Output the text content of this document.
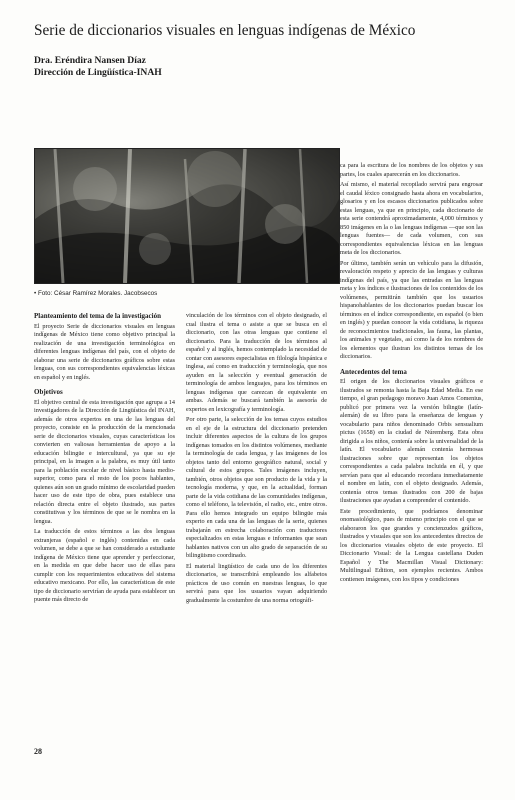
Serie de diccionarios visuales en lenguas indígenas de México
Dra. Eréndira Nansen Díaz
Dirección de Lingüística-INAH
• Foto: César Ramírez Morales. Jacobsecos
Planteamiento del tema de la investigación

El proyecto Serie de diccionarios visuales en lenguas indígenas de México tiene como objetivo principal la realización de una investigación terminológica en diferentes lenguas indígenas del país, con el objeto de elaborar una serie de diccionarios gráficos sobre estas lenguas, con sus correspondientes equivalencias léxicas en español y en inglés.

Objetivos

El objetivo central de esta investigación que agrupa a 14 investigadores de la Dirección de Lingüística del INAH, además de otros expertos en una de las lenguas del proyecto, consiste en la producción de la mencionada serie de diccionarios visuales, cuyas características los convierten en valiosas herramientas de apoyo a la educación bilingüe e intercultural, ya que su eje principal, en la imagen a la palabra, es muy útil tanto para la población escolar de nivel básico hasta medio-superior, como para el resto de los pocos hablantes, quienes aún son un grado mínimo de escolaridad pueden hacer uso de este tipo de obra, pues establece una relación directa entre el objeto ilustrado, sus partes constitutivas y los términos de que se le nombra en la lengua.

La traducción de estos términos a las dos lenguas extranjeras (español e inglés) contenidas en cada volumen, se debe a que se han considerado a estudiante indígena de México tiene que aprender y perfeccionar, en la medida en que debe hacer uso de ellas para cumplir con los requerimientos educativos del sistema educativo mexicano. Por ello, las características de este tipo de diccionario servirían de ayuda para establecer un puente más directo de

vinculación de los términos con el objeto designado, el cual ilustra el tema o asiste a que se busca en el diccionario, con las otras lenguas que contiene el diccionario. Para la traducción de los términos al español y al inglés, hemos contemplado la necesidad de contar con asesores especialistas en filología hispánica e inglesa, así como en traducción y terminología, que nos ayuden en la selección y eventual generación de terminología de ambos lenguajes, para los términos en lenguas indígenas que carezcan de equivalente en ambas. Además se buscará también la asesoría de expertos en lexicografía y terminología.

Por otro parte, la selección de los temas cuyos estudios en el eje de la estructura del diccionario pretenden incluir diferentes aspectos de la cultura de los grupos indígenas tomados en los distintos volúmenes, mediante la terminología de cada lengua, y las imágenes de los objetos tanto del entorno geográfico natural, social y cultural de estos grupos. Tales imágenes incluyen, también, otros objetos que son producto de la vida y la tecnología moderna, y que, en la actualidad, forman parte de la vida cotidiana de las comunidades indígenas, como el teléfono, la televisión, el radio, etc., entre otros. Para ello hemos integrado un equipo bilingüe más experto en cada una de las lenguas de la serie, quienes trabajarán en estrecha colaboración con traductores especializados en estas lenguas e informantes que sean hablantes nativos con un alto grado de separación de su bilingüismo coordinado.

El material lingüístico de cada uno de los diferentes diccionarios, se transcribirá empleando los alfabetos prácticos de uso común en nuestras lenguas, lo que servirá para que los usuarios vayan adquiriendo gradualmente la costumbre de una norma ortográfi-

ca para la escritura de los nombres de los objetos y sus partes, los cuales aparecerán en los diccionarios.

Así mismo, el material recopilado servirá para engrosar el caudal léxico consignado hasta ahora en vocabularios, glosarios y en los escasos diccionarios publicados sobre estas lenguas, ya que en principio, cada diccionario de esta serie contendrá aproximadamente, 4,000 términos y 850 imágenes en la o las lenguas indígenas —que son las lenguas fuentes— de cada volumen, con sus correspondientes equivalencias léxicas en las lenguas meta de los diccionarios.

Por último, también serán un vehículo para la difusión, revaloración respeto y aprecio de las lenguas y culturas indígenas del país, ya que las entradas en las lenguas meta y los índices e ilustraciones de los contenidos de los volúmenes, permitirán también que los usuarios hispanohablantes de los diccionarios puedan buscar los términos en el índice correspondiente, en español (o bien en inglés) y puedan conocer la vida cotidiana, la riqueza de reconocimientos tradicionales, las fauna, las plantas, los animales y vegetales, así como la de los nombres de los elementos que ilustran los distintos temas de los diccionarios.

Antecedentes del tema

El origen de los diccionarios visuales gráficos e ilustrados se remonta hasta la Baja Edad Media. En ese tiempo, el gran pedagogo moravo Juan Amos Comenius, publicó por primera vez la versión bilingüe (latín-alemán) de su libro para la enseñanza de lenguas y vocabulario para niños denominado Orbis sensualium pictus (1658) en la ciudad de Núremberg. Esta obra dirigida a los niños, contenía sobre la universalidad de la latín. El vocabulario alemán contenía hermosas ilustraciones sobre que representan los objetos correspondientes a cada palabra incluida en él, y que servían para que al educando recordara inmediatamente el nombre en latín, con el objeto designado. Además, contenía otros temas ilustrados con 200 de bajas ilustraciones que ayudan a comprender el contenido.

Este procedimiento, que podríamos denominar onomasiológico, pues de mismo principio con el que se elaboraron los que grandes y concienzudos gráficos, ilustrados y visuales que son los antecedentes directos de los diccionarios visuales objeto de este proyecto. El Diccionario Visual: de la Lengua castellana Duden Español y The Macmillan Visual Dictionary: Multilingual Edition, son ejemplos recientes. Ambos contienen imágenes, con los tipos y condiciones

28
